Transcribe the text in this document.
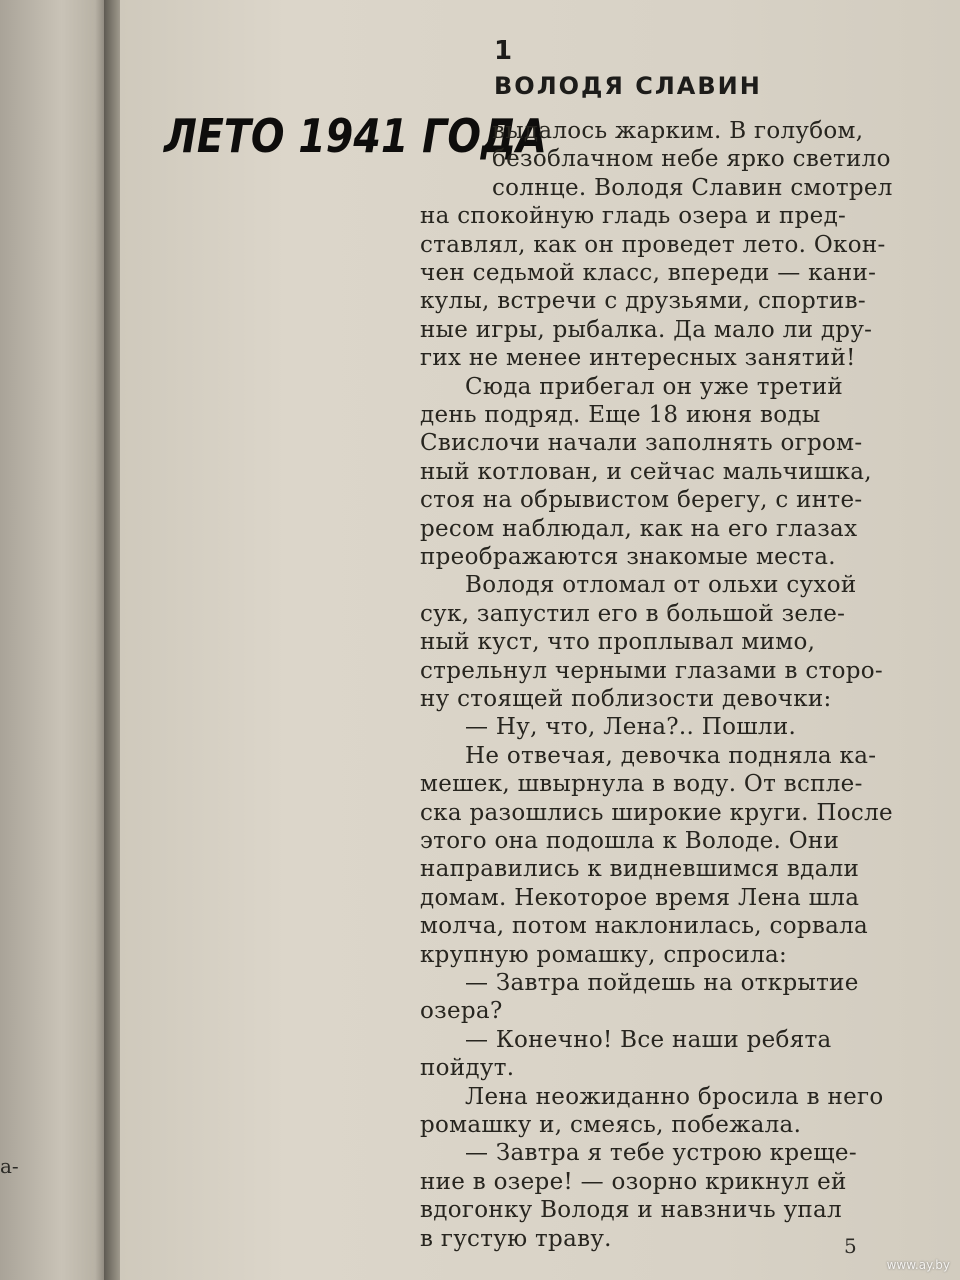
а-
1
ВОЛОДЯ СЛАВИН
ЛЕТО 1941 ГОДА
выдалось жарким. В голубом,
безоблачном небе ярко светило
солнце. Володя Славин смотрел
на спокойную гладь озера и пред-
ставлял, как он проведет лето. Окон-
чен седьмой класс, впереди — кани-
кулы, встречи с друзьями, спортив-
ные игры, рыбалка. Да мало ли дру-
гих не менее интересных занятий!
Сюда прибегал он уже третий
день подряд. Еще 18 июня воды
Свислочи начали заполнять огром-
ный котлован, и сейчас мальчишка,
стоя на обрывистом берегу, с инте-
ресом наблюдал, как на его глазах
преображаются знакомые места.
Володя отломал от ольхи сухой
сук, запустил его в большой зеле-
ный куст, что проплывал мимо,
стрельнул черными глазами в сторо-
ну стоящей поблизости девочки:
— Ну, что, Лена?.. Пошли.
Не отвечая, девочка подняла ка-
мешек, швырнула в воду. От вспле-
ска разошлись широкие круги. После
этого она подошла к Володе. Они
направились к видневшимся вдали
домам. Некоторое время Лена шла
молча, потом наклонилась, сорвала
крупную ромашку, спросила:
— Завтра пойдешь на открытие
озера?
— Конечно! Все наши ребята
пойдут.
Лена неожиданно бросила в него
ромашку и, смеясь, побежала.
— Завтра я тебе устрою креще-
ние в озере! — озорно крикнул ей
вдогонку Володя и навзничь упал
в густую траву.	5
www.ay.by
